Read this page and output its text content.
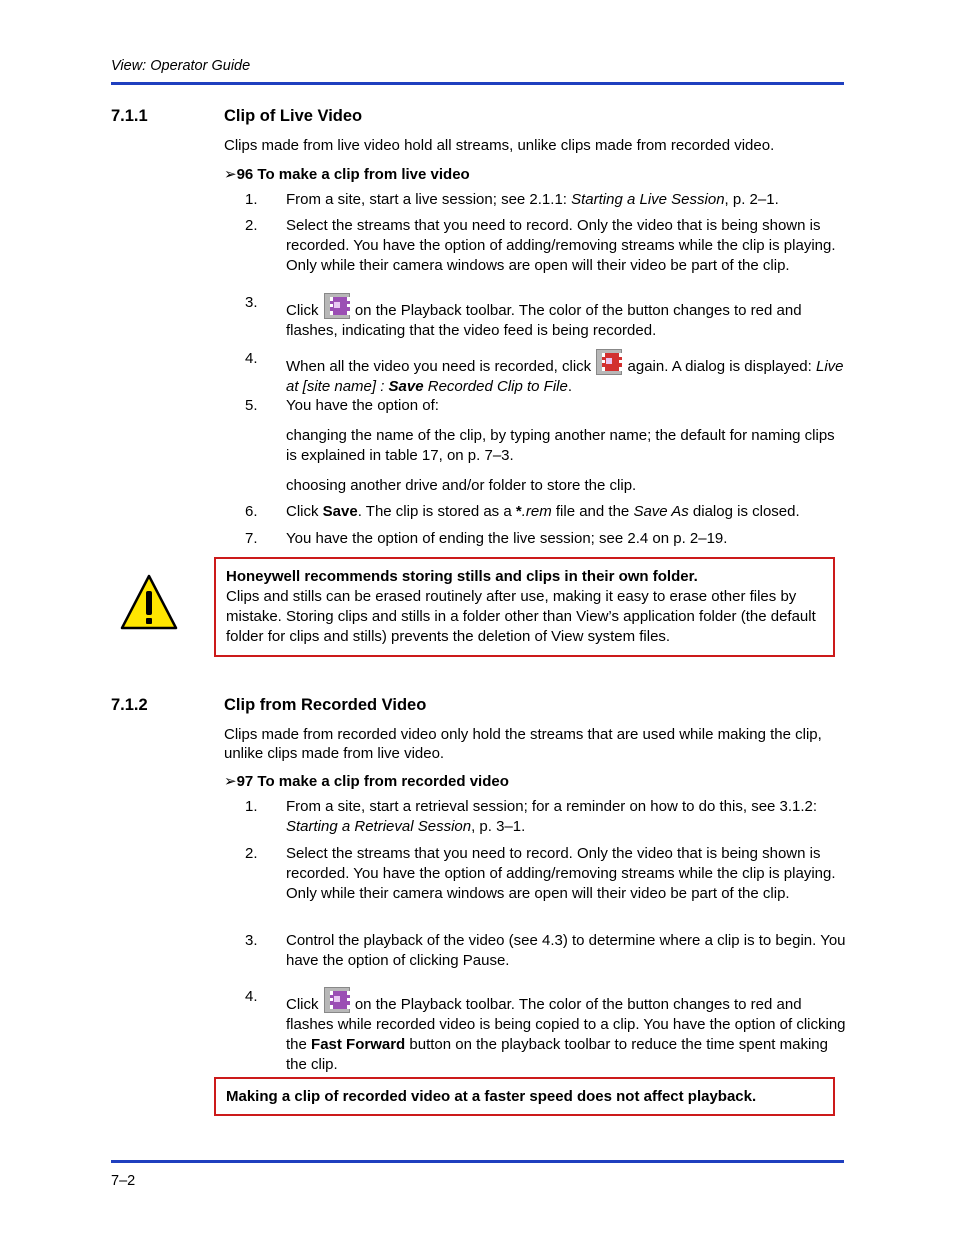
View: Operator Guide
7.1.1	Clip of Live Video
Clips made from live video hold all streams, unlike clips made from recorded video.
➢96 To make a clip from live video
1. From a site, start a live session; see 2.1.1: Starting a Live Session, p. 2–1.
2. Select the streams that you need to record. Only the video that is being shown is recorded. You have the option of adding/removing streams while the clip is playing. Only while their camera windows are open will their video be part of the clip.
3. Click
on the Playback toolbar. The color of the button changes to red and flashes, indicating that the video feed is being recorded.
4. When all the video you need is recorded, click
again. A dialog is displayed: Live at [site name] : Save Recorded Clip to File.
5. You have the option of:
changing the name of the clip, by typing another name; the default for naming clips is explained in table 17, on p. 7–3.
choosing another drive and/or folder to store the clip.
6. Click Save. The clip is stored as a *.rem file and the Save As dialog is closed.
7. You have the option of ending the live session; see 2.4 on p. 2–19.
Honeywell recommends storing stills and clips in their own folder.
Clips and stills can be erased routinely after use, making it easy to erase other files by mistake. Storing clips and stills in a folder other than View’s application folder (the default folder for clips and stills) prevents the deletion of View system files.
7.1.2	Clip from Recorded Video
Clips made from recorded video only hold the streams that are used while making the clip, unlike clips made from live video.
➢97 To make a clip from recorded video
1. From a site, start a retrieval session; for a reminder on how to do this, see 3.1.2: Starting a Retrieval Session, p. 3–1.
2. Select the streams that you need to record. Only the video that is being shown is recorded. You have the option of adding/removing streams while the clip is playing. Only while their camera windows are open will their video be part of the clip.
3. Control the playback of the video (see 4.3) to determine where a clip is to begin. You have the option of clicking Pause.
4. Click
on the Playback toolbar. The color of the button changes to red and flashes while recorded video is being copied to a clip. You have the option of clicking the Fast Forward button on the playback toolbar to reduce the time spent making the clip.
Making a clip of recorded video at a faster speed does not affect playback.
7–2
